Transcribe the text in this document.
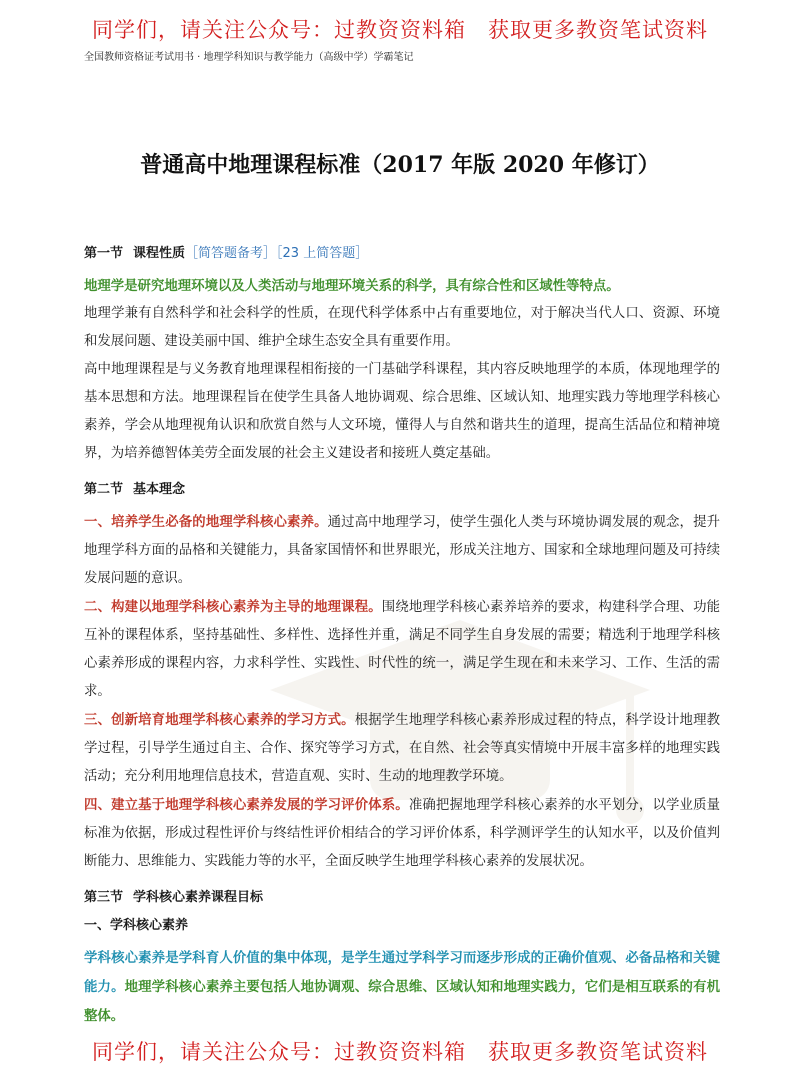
同学们，请关注公众号：过教资资料箱　获取更多教资笔试资料
全国教师资格证考试用书 · 地理学科知识与教学能力（高级中学）学霸笔记
普通高中地理课程标准（2017 年版 2020 年修订）
第一节 课程性质［简答题备考］［23 上简答题］

地理学是研究地理环境以及人类活动与地理环境关系的科学，具有综合性和区域性等特点。

地理学兼有自然科学和社会科学的性质，在现代科学体系中占有重要地位，对于解决当代人口、资源、环境和发展问题、建设美丽中国、维护全球生态安全具有重要作用。

高中地理课程是与义务教育地理课程相衔接的一门基础学科课程，其内容反映地理学的本质，体现地理学的基本思想和方法。地理课程旨在使学生具备人地协调观、综合思维、区域认知、地理实践力等地理学科核心素养，学会从地理视角认识和欣赏自然与人文环境，懂得人与自然和谐共生的道理，提高生活品位和精神境界，为培养德智体美劳全面发展的社会主义建设者和接班人奠定基础。

第二节 基本理念

一、培养学生必备的地理学科核心素养。通过高中地理学习，使学生强化人类与环境协调发展的观念，提升地理学科方面的品格和关键能力，具备家国情怀和世界眼光，形成关注地方、国家和全球地理问题及可持续发展问题的意识。

二、构建以地理学科核心素养为主导的地理课程。围绕地理学科核心素养培养的要求，构建科学合理、功能互补的课程体系，坚持基础性、多样性、选择性并重，满足不同学生自身发展的需要；精选利于地理学科核心素养形成的课程内容，力求科学性、实践性、时代性的统一，满足学生现在和未来学习、工作、生活的需求。

三、创新培育地理学科核心素养的学习方式。根据学生地理学科核心素养形成过程的特点，科学设计地理教学过程，引导学生通过自主、合作、探究等学习方式，在自然、社会等真实情境中开展丰富多样的地理实践活动；充分利用地理信息技术，营造直观、实时、生动的地理教学环境。

四、建立基于地理学科核心素养发展的学习评价体系。准确把握地理学科核心素养的水平划分，以学业质量标准为依据，形成过程性评价与终结性评价相结合的学习评价体系，科学测评学生的认知水平，以及价值判断能力、思维能力、实践能力等的水平，全面反映学生地理学科核心素养的发展状况。

第三节 学科核心素养课程目标
一、学科核心素养

学科核心素养是学科育人价值的集中体现，是学生通过学科学习而逐步形成的正确价值观、必备品格和关键能力。地理学科核心素养主要包括人地协调观、综合思维、区域认知和地理实践力，它们是相互联系的有机整体。

同学们，请关注公众号：过教资资料箱　获取更多教资笔试资料
